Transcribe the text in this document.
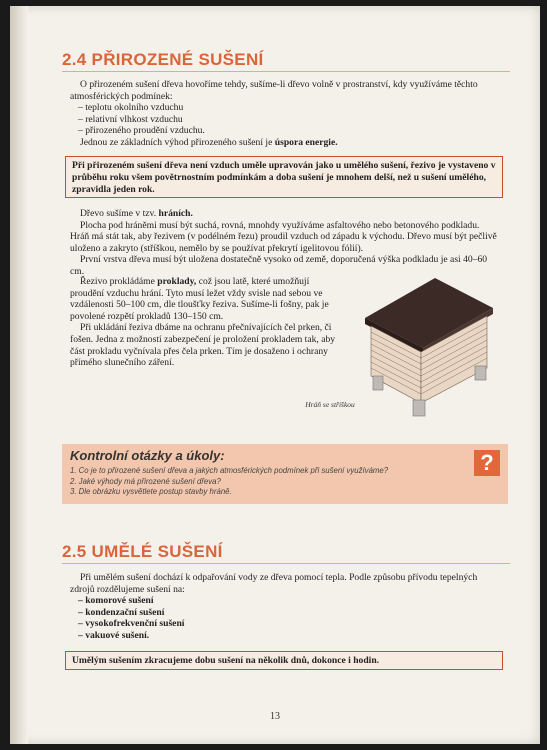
2.4 PŘIROZENÉ SUŠENÍ

O přirozeném sušení dřeva hovoříme tehdy, sušíme-li dřevo volně v prostranství, kdy využíváme těchto atmosférických podmínek:

– teplotu okolního vzduchu
– relativní vlhkost vzduchu
– přirozeného proudění vzduchu.

Jednou ze základních výhod přirozeného sušení je úspora energie.

Při přirozeném sušení dřeva není vzduch uměle upravován jako u umělého sušení, řezivo je vystaveno v průběhu roku všem povětrnostním podmínkám a doba sušení je mnohem delší, než u sušení umělého, zpravidla jeden rok.

Dřevo sušíme v tzv. hráních.

Plocha pod hráněmi musí být suchá, rovná, mnohdy využíváme asfaltového nebo betonového podkladu. Hráň má stát tak, aby řezivem (v podélném řezu) proudil vzduch od západu k východu. Dřevo musí být pečlivě uloženo a zakryto (stříškou, nemělo by se používat překrytí igelitovou fólií).

První vrstva dřeva musí být uložena dostatečně vysoko od země, doporučená výška podkladu je asi 40–60 cm.

Řezivo prokládáme proklady, což jsou latě, které umožňují proudění vzduchu hrání. Tyto musí ležet vždy svisle nad sebou ve vzdálenosti 50–100 cm, dle tloušťky řeziva. Sušíme-li fošny, pak je povolené rozpětí prokladů 130–150 cm.

Při ukládání řeziva dbáme na ochranu přečnívajících čel prken, či fošen. Jedna z možností zabezpečení je proložení prokladem tak, aby část prokladu vyčnívala přes čela prken. Tím je dosaženo i ochrany přímého slunečního záření.

Hráň se stříškou
Kontrolní otázky a úkoly:
1. Co je to přirozené sušení dřeva a jakých atmosférických podmínek při sušení využíváme?
2. Jaké výhody má přirozené sušení dřeva?
3. Dle obrázku vysvětlete postup stavby hráně.
?
2.5 UMĚLÉ SUŠENÍ

Při umělém sušení dochází k odpařování vody ze dřeva pomocí tepla. Podle způsobu přívodu tepelných zdrojů rozdělujeme sušení na:

– komorové sušení
– kondenzační sušení
– vysokofrekvenční sušení
– vakuové sušení.
Umělým sušením zkracujeme dobu sušení na několik dnů, dokonce i hodin.
13
